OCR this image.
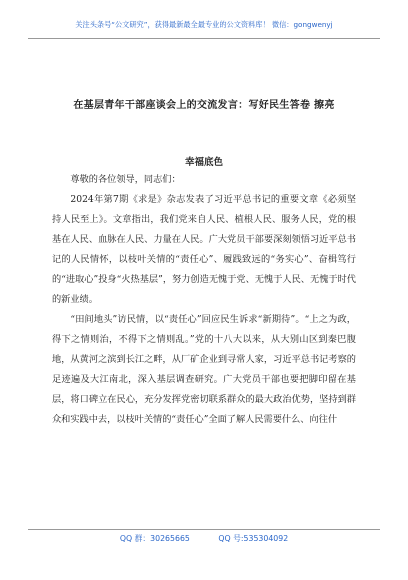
关注头条号“公文研究”，获得最新最全最专业的公文资料库！ 微信：gongwenyj
在基层青年干部座谈会上的交流发言：写好民生答卷 擦亮
幸福底色

尊敬的各位领导，同志们：

2024年第7期《求是》杂志发表了习近平总书记的重要文章《必须坚持人民至上》。文章指出，我们党来自人民、植根人民、服务人民，党的根基在人民、血脉在人民、力量在人民。广大党员干部要深刻领悟习近平总书记的人民情怀，以枝叶关情的“责任心”、履践致远的“务实心”、奋楫笃行的“进取心”投身“火热基层”，努力创造无愧于党、无愧于人民、无愧于时代的新业绩。

“田间地头”访民情，以“责任心”回应民生诉求“新期待”。“上之为政，得下之情则治，不得下之情则乱。”党的十八大以来，从大别山区到秦巴腹地，从黄河之滨到长江之畔，从厂矿企业到寻常人家，习近平总书记考察的足迹遍及大江南北，深入基层调查研究。广大党员干部也要把脚印留在基层，将口碑立在民心，充分发挥党密切联系群众的最大政治优势，坚持到群众和实践中去，以枝叶关情的“责任心”全面了解人民需要什么、向往什

QQ 群：30265665	QQ 号:535304092
